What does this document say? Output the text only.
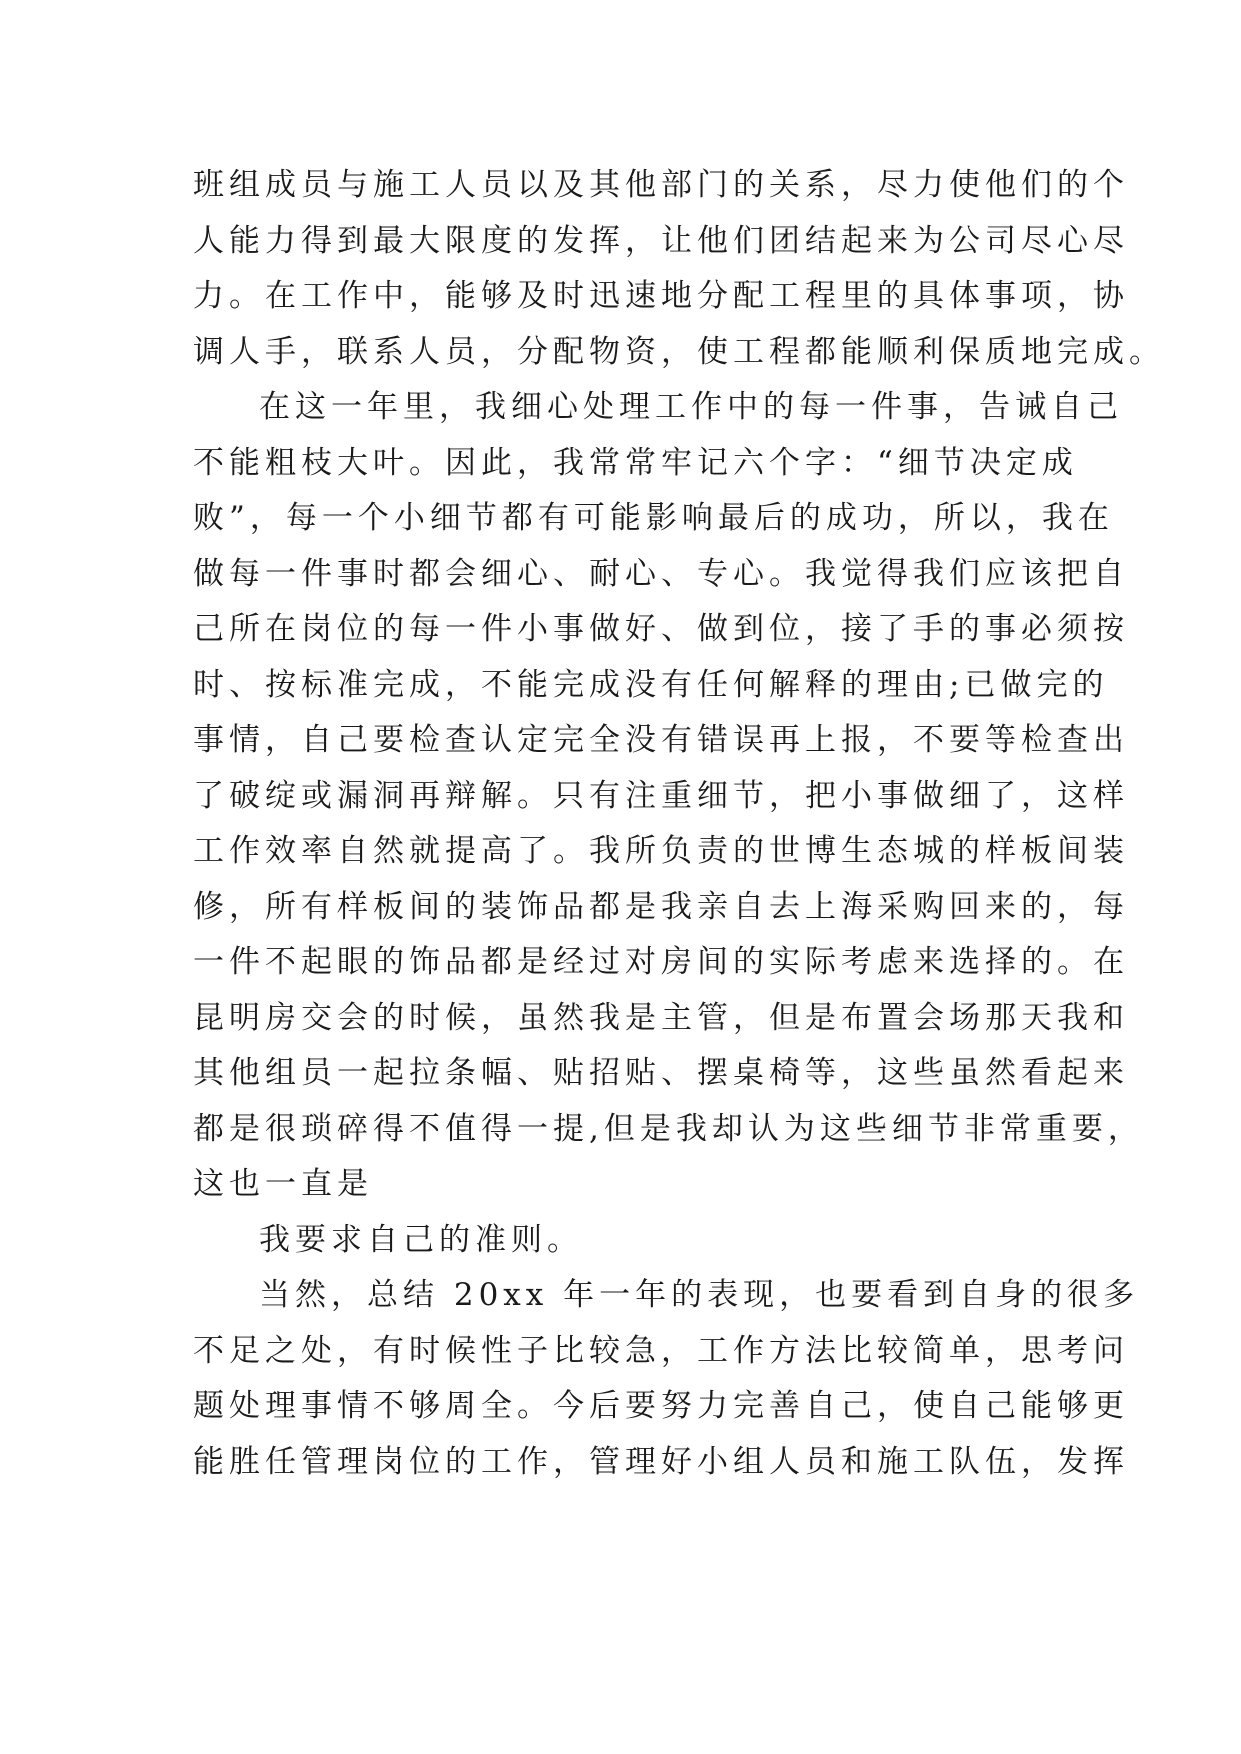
班组成员与施工人员以及其他部门的关系，尽力使他们的个
人能力得到最大限度的发挥，让他们团结起来为公司尽心尽
力。在工作中，能够及时迅速地分配工程里的具体事项，协
调人手，联系人员，分配物资，使工程都能顺利保质地完成。
在这一年里，我细心处理工作中的每一件事，告诫自己
不能粗枝大叶。因此，我常常牢记六个字：“细节决定成
败”，每一个小细节都有可能影响最后的成功，所以，我在
做每一件事时都会细心、耐心、专心。我觉得我们应该把自
己所在岗位的每一件小事做好、做到位，接了手的事必须按
时、按标准完成，不能完成没有任何解释的理由;已做完的
事情，自己要检查认定完全没有错误再上报，不要等检查出
了破绽或漏洞再辩解。只有注重细节，把小事做细了，这样
工作效率自然就提高了。我所负责的世博生态城的样板间装
修，所有样板间的装饰品都是我亲自去上海采购回来的，每
一件不起眼的饰品都是经过对房间的实际考虑来选择的。在
昆明房交会的时候，虽然我是主管，但是布置会场那天我和
其他组员一起拉条幅、贴招贴、摆桌椅等，这些虽然看起来
都是很琐碎得不值得一提,但是我却认为这些细节非常重要，
这也一直是
我要求自己的准则。
当然，总结 20xx 年一年的表现，也要看到自身的很多
不足之处，有时候性子比较急，工作方法比较简单，思考问
题处理事情不够周全。今后要努力完善自己，使自己能够更
能胜任管理岗位的工作，管理好小组人员和施工队伍，发挥
